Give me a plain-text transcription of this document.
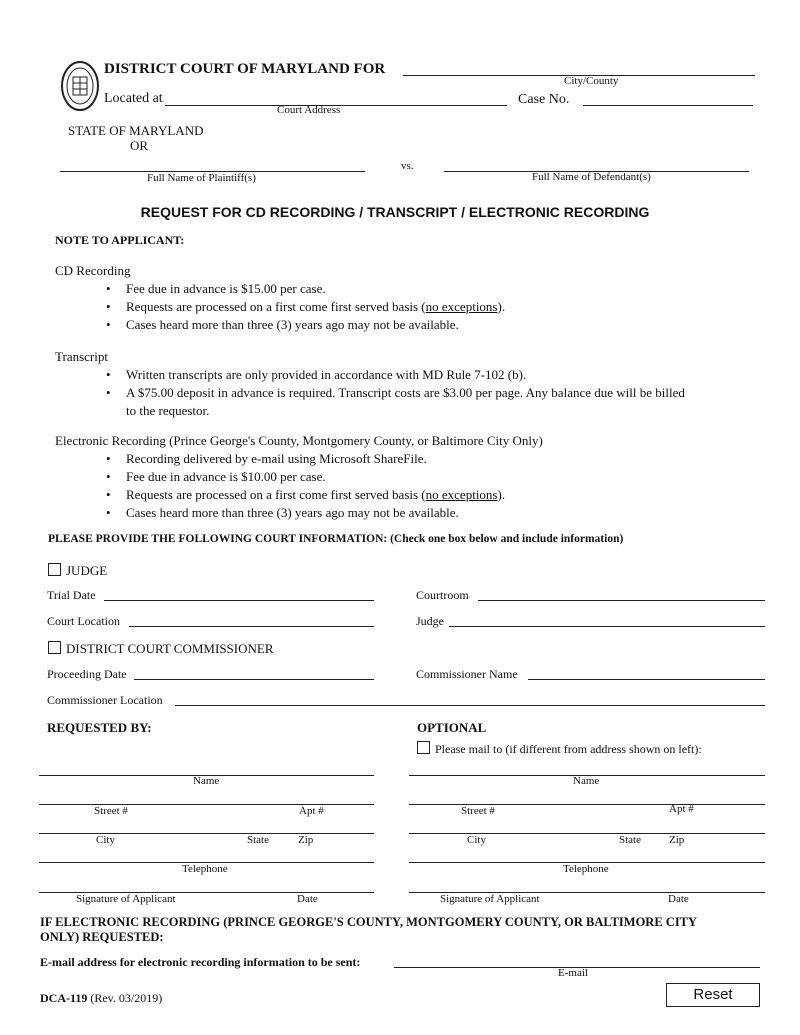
DISTRICT COURT OF MARYLAND FOR
City/County
Located at
Court Address
Case No.
STATE OF MARYLAND
OR
vs.
Full Name of Plaintiff(s)	Full Name of Defendant(s)
REQUEST FOR CD RECORDING / TRANSCRIPT / ELECTRONIC RECORDING
NOTE TO APPLICANT:
CD Recording
• Fee due in advance is $15.00 per case.
• Requests are processed on a first come first served basis (no exceptions).
• Cases heard more than three (3) years ago may not be available.
Transcript
• Written transcripts are only provided in accordance with MD Rule 7-102 (b).
• A $75.00 deposit in advance is required. Transcript costs are $3.00 per page. Any balance due will be billed
to the requestor.
Electronic Recording (Prince George's County, Montgomery County, or Baltimore City Only)
• Recording delivered by e-mail using Microsoft ShareFile.
• Fee due in advance is $10.00 per case.
• Requests are processed on a first come first served basis (no exceptions).
• Cases heard more than three (3) years ago may not be available.
PLEASE PROVIDE THE FOLLOWING COURT INFORMATION: (Check one box below and include information)
JUDGE
Trial Date	Courtroom
Court Location	Judge
DISTRICT COURT COMMISSIONER
Proceeding Date	Commissioner Name
Commissioner Location
REQUESTED BY:
Name
Street #	Apt #
City	State	Zip
Telephone
Signature of Applicant	Date
OPTIONAL
Please mail to (if different from address shown on left):
Name
Street #	Apt #
City	State	Zip
Telephone
Signature of Applicant	Date
IF ELECTRONIC RECORDING (PRINCE GEORGE'S COUNTY, MONTGOMERY COUNTY, OR BALTIMORE CITY
ONLY) REQUESTED:
E-mail address for electronic recording information to be sent:
E-mail
DCA-119 (Rev. 03/2019)	Reset
